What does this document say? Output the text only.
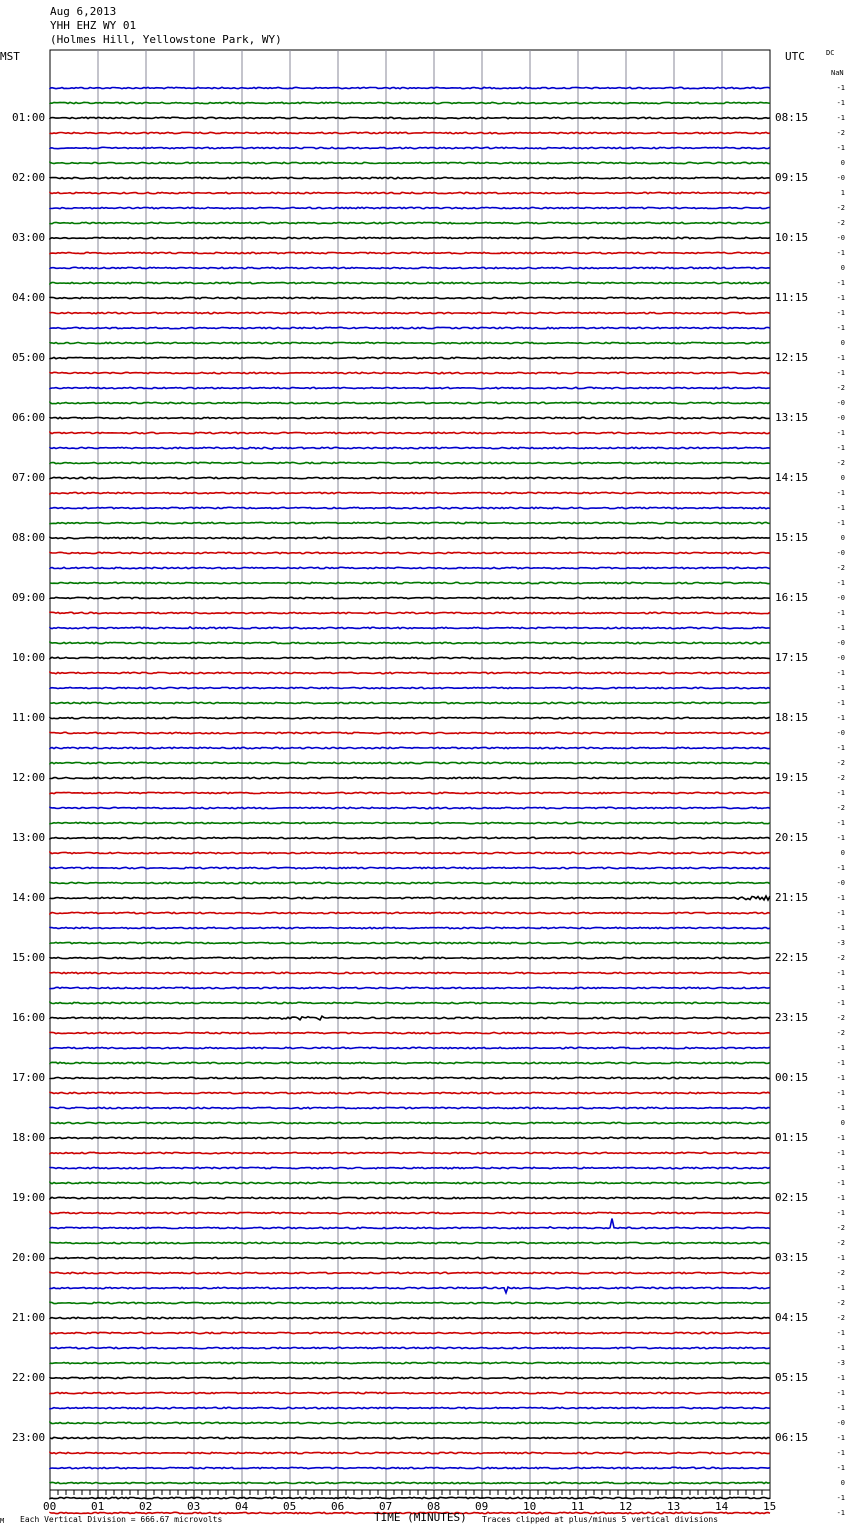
Aug 6,2013
YHH EHZ WY 01
(Holmes Hill, Yellowstone Park, WY)
MST	UTC	DC
NaN
01:00
02:00
03:00
04:00
05:00
06:00
07:00
08:00
09:00
10:00
11:00
12:00
13:00
14:00
15:00
16:00
17:00
18:00
19:00
20:00
21:00
22:00
23:00
08:15
09:15
10:15
11:15
12:15
13:15
14:15
15:15
16:15
17:15
18:15
19:15
20:15
21:15
22:15
23:15
00:15
01:15
02:15
03:15
04:15
05:15
06:15
-1
-1
-1
-2
-1
0
-0
1
-2
-2
-0
-1
0
-1
-1
-1
-1
0
-1
-1
-2
-0
-0
-1
-1
-2
0
-1
-1
-1
0
-0
-2
-1
-0
-1
-1
-0
-0
-1
-1
-1
-1
-0
-1
-2
-2
-1
-2
-1
-1
0
-1
-0
-1
-1
-1
-3
-2
-1
-1
-1
-2
-2
-1
-1
-1
-1
-1
0
-1
-1
-1
-1
-1
-1
-2
-2
-1
-2
-1
-2
-2
-1
-1
-3
-1
-1
-1
-0
-1
-1
-1
0
-1
-1
00	01	02	03	04	05	06	07	08	09	10	11	12	13	14	15
M Each Vertical Division = 666.67 microvolts	TIME (MINUTES) Traces clipped at plus/minus 5 vertical divisions
